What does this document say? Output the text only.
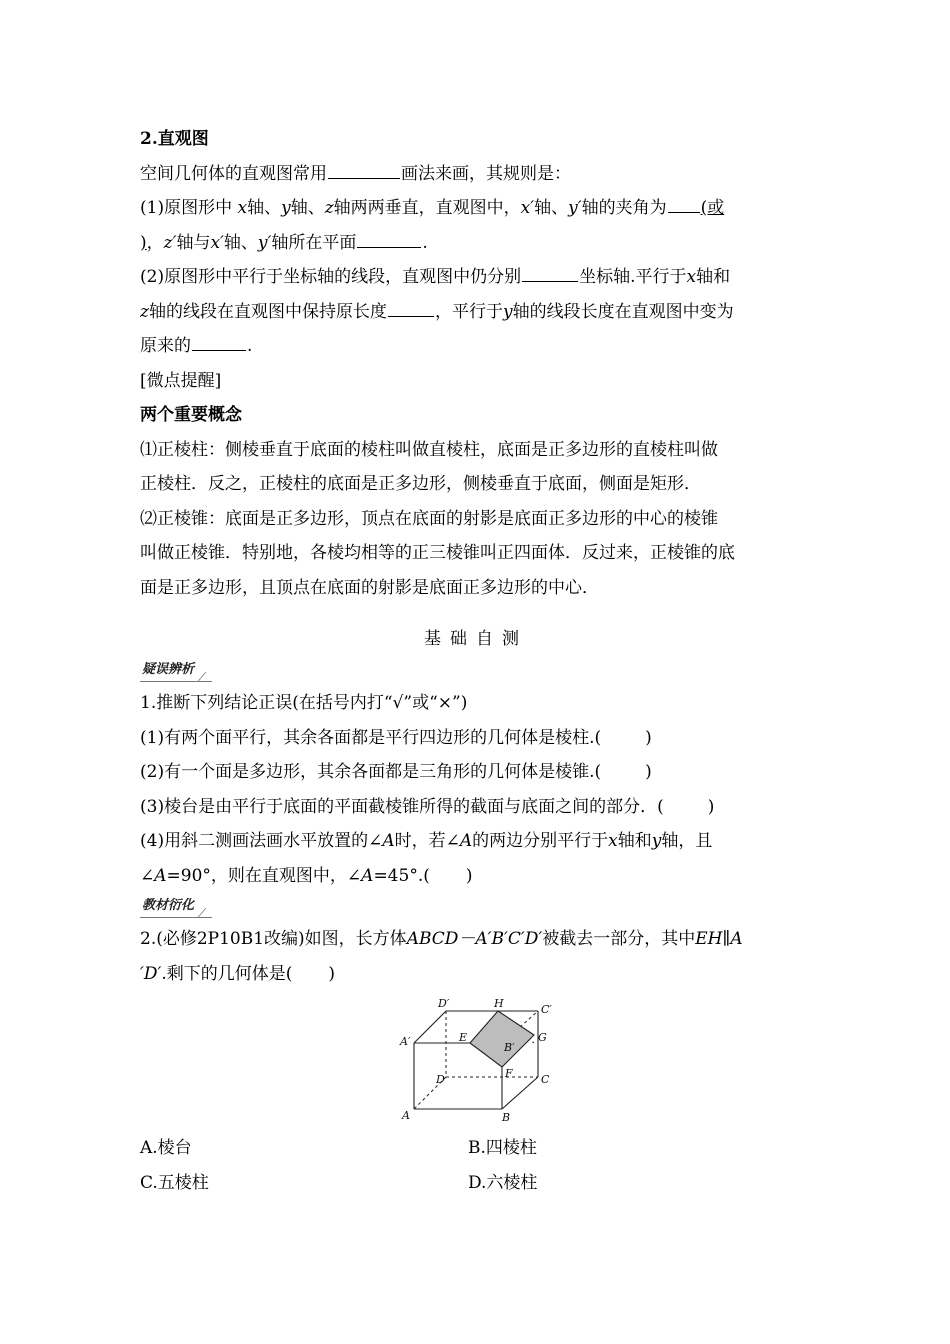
2.直观图
空间几何体的直观图常用	画法来画，其规则是：
(1)原图形中 x轴、y轴、z轴两两垂直，直观图中，x′轴、y′轴的夹角为 (或
)，z′轴与x′轴、y′轴所在平面	.
(2)原图形中平行于坐标轴的线段，直观图中仍分别	坐标轴.平行于x轴和
z轴的线段在直观图中保持原长度	，平行于y轴的线段长度在直观图中变为
原来的	.
[微点提醒]
两个重要概念
⑴正棱柱：侧棱垂直于底面的棱柱叫做直棱柱，底面是正多边形的直棱柱叫做
正棱柱．反之，正棱柱的底面是正多边形，侧棱垂直于底面，侧面是矩形．
⑵正棱锥：底面是正多边形，顶点在底面的射影是底面正多边形的中心的棱锥
叫做正棱锥．特别地，各棱均相等的正三棱锥叫正四面体．反过来，正棱锥的底
面是正多边形，且顶点在底面的射影是底面正多边形的中心．
基础自测
疑误辨析
1.推断下列结论正误(在括号内打“√”或“×”)
(1)有两个面平行，其余各面都是平行四边形的几何体是棱柱.(	)
(2)有一个面是多边形，其余各面都是三角形的几何体是棱锥.(	)
(3)棱台是由平行于底面的平面截棱锥所得的截面与底面之间的部分．(	)
(4)用斜二测画法画水平放置的∠A时，若∠A的两边分别平行于x轴和y轴，且
∠A=90°，则在直观图中，∠A=45°.( )
教材衍化
2.(必修2P10B1改编)如图，长方体ABCD－A′B′C′D′被截去一部分，其中EH∥A
′D′.剩下的几何体是( )
D′	H	C′
A′	E
B′
G
D	F	C
A	B
A.棱台	B.四棱柱
C.五棱柱	D.六棱柱
